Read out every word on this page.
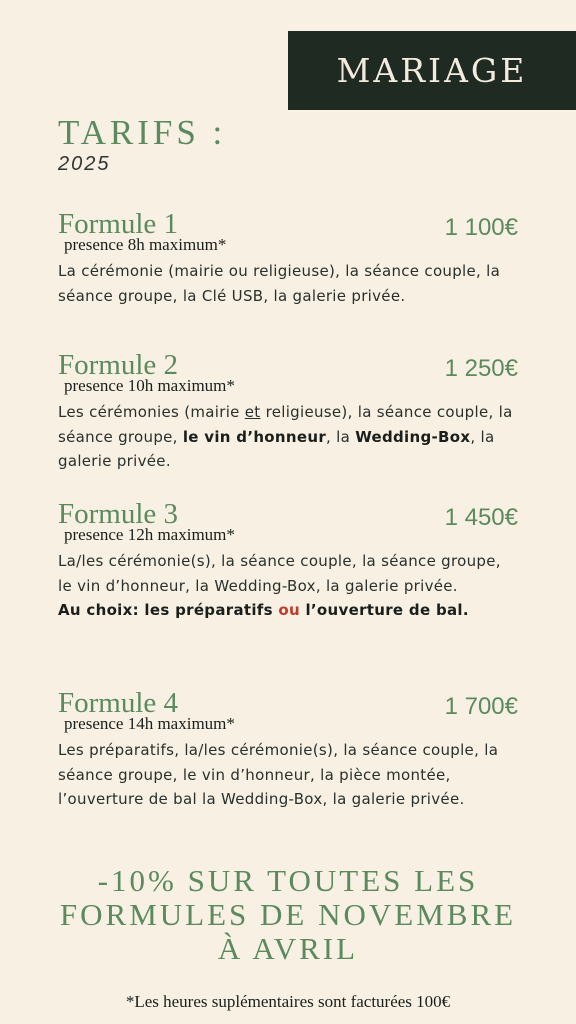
MARIAGE
TARIFS :
2025
Formule 1	1 100€
presence 8h maximum*

La cérémonie (mairie ou religieuse), la séance couple, la séance groupe, la Clé USB, la galerie privée.

Formule 2	1 250€
presence 10h maximum*

Les cérémonies (mairie et religieuse), la séance couple, la séance groupe, le vin d’honneur, la Wedding-Box, la galerie privée.

Formule 3	1 450€
presence 12h maximum*

La/les cérémonie(s), la séance couple, la séance groupe, le vin d’honneur, la Wedding-Box, la galerie privée.
Au choix: les préparatifs ou l’ouverture de bal.

Formule 4	1 700€
presence 14h maximum*

Les préparatifs, la/les cérémonie(s), la séance couple, la séance groupe, le vin d’honneur, la pièce montée, l’ouverture de bal la Wedding-Box, la galerie privée.

-10% SUR TOUTES LES
FORMULES DE NOVEMBRE
À AVRIL
*Les heures suplémentaires sont facturées 100€
